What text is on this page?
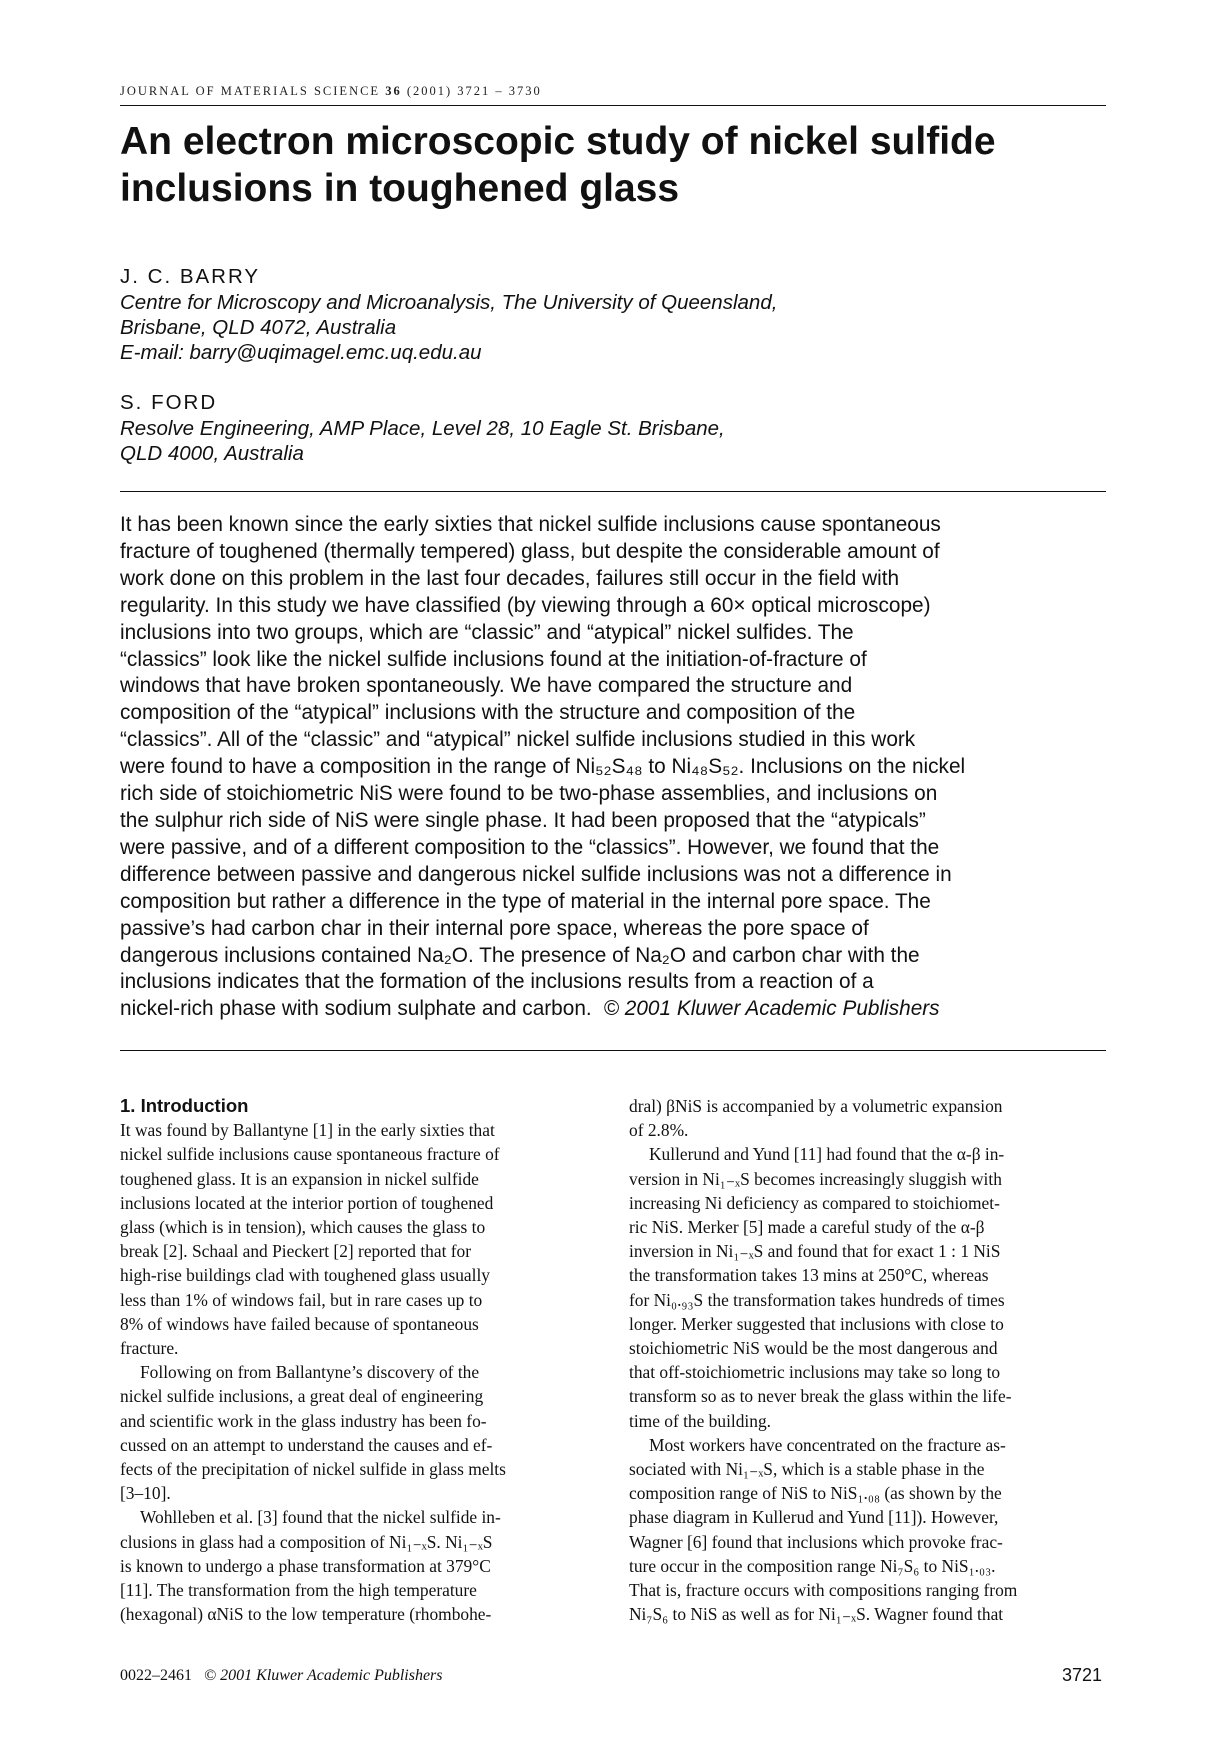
JOURNAL OF MATERIALS SCIENCE 36 (2001) 3721 – 3730
An electron microscopic study of nickel sulfide
inclusions in toughened glass
J. C. BARRY
Centre for Microscopy and Microanalysis, The University of Queensland,
Brisbane, QLD 4072, Australia
E-mail: barry@uqimagel.emc.uq.edu.au
S. FORD
Resolve Engineering, AMP Place, Level 28, 10 Eagle St. Brisbane,
QLD 4000, Australia
It has been known since the early sixties that nickel sulfide inclusions cause spontaneous
fracture of toughened (thermally tempered) glass, but despite the considerable amount of
work done on this problem in the last four decades, failures still occur in the field with
regularity. In this study we have classified (by viewing through a 60× optical microscope)
inclusions into two groups, which are “classic” and “atypical” nickel sulfides. The
“classics” look like the nickel sulfide inclusions found at the initiation-of-fracture of
windows that have broken spontaneously. We have compared the structure and
composition of the “atypical” inclusions with the structure and composition of the
“classics”. All of the “classic” and “atypical” nickel sulfide inclusions studied in this work
were found to have a composition in the range of Ni₅₂S₄₈ to Ni₄₈S₅₂. Inclusions on the nickel
rich side of stoichiometric NiS were found to be two-phase assemblies, and inclusions on
the sulphur rich side of NiS were single phase. It had been proposed that the “atypicals”
were passive, and of a different composition to the “classics”. However, we found that the
difference between passive and dangerous nickel sulfide inclusions was not a difference in
composition but rather a difference in the type of material in the internal pore space. The
passive’s had carbon char in their internal pore space, whereas the pore space of
dangerous inclusions contained Na₂O. The presence of Na₂O and carbon char with the
inclusions indicates that the formation of the inclusions results from a reaction of a
nickel-rich phase with sodium sulphate and carbon. © 2001 Kluwer Academic Publishers
1. Introduction
It was found by Ballantyne [1] in the early sixties that
nickel sulfide inclusions cause spontaneous fracture of
toughened glass. It is an expansion in nickel sulfide
inclusions located at the interior portion of toughened
glass (which is in tension), which causes the glass to
break [2]. Schaal and Pieckert [2] reported that for
high-rise buildings clad with toughened glass usually
less than 1% of windows fail, but in rare cases up to
8% of windows have failed because of spontaneous
fracture.
Following on from Ballantyne’s discovery of the
nickel sulfide inclusions, a great deal of engineering
and scientific work in the glass industry has been fo-
cussed on an attempt to understand the causes and ef-
fects of the precipitation of nickel sulfide in glass melts
[3–10].
Wohlleben et al. [3] found that the nickel sulfide in-
clusions in glass had a composition of Ni₁₋ₓS. Ni₁₋ₓS
is known to undergo a phase transformation at 379°C
[11]. The transformation from the high temperature
(hexagonal) αNiS to the low temperature (rhombohe-
dral) βNiS is accompanied by a volumetric expansion
of 2.8%.
Kullerund and Yund [11] had found that the α-β in-
version in Ni₁₋ₓS becomes increasingly sluggish with
increasing Ni deficiency as compared to stoichiomet-
ric NiS. Merker [5] made a careful study of the α-β
inversion in Ni₁₋ₓS and found that for exact 1 : 1 NiS
the transformation takes 13 mins at 250°C, whereas
for Ni₀.₉₃S the transformation takes hundreds of times
longer. Merker suggested that inclusions with close to
stoichiometric NiS would be the most dangerous and
that off-stoichiometric inclusions may take so long to
transform so as to never break the glass within the life-
time of the building.
Most workers have concentrated on the fracture as-
sociated with Ni₁₋ₓS, which is a stable phase in the
composition range of NiS to NiS₁.₀₈ (as shown by the
phase diagram in Kullerud and Yund [11]). However,
Wagner [6] found that inclusions which provoke frac-
ture occur in the composition range Ni₇S₆ to NiS₁.₀₃.
That is, fracture occurs with compositions ranging from
Ni₇S₆ to NiS as well as for Ni₁₋ₓS. Wagner found that
0022–2461 © 2001 Kluwer Academic Publishers	3721
